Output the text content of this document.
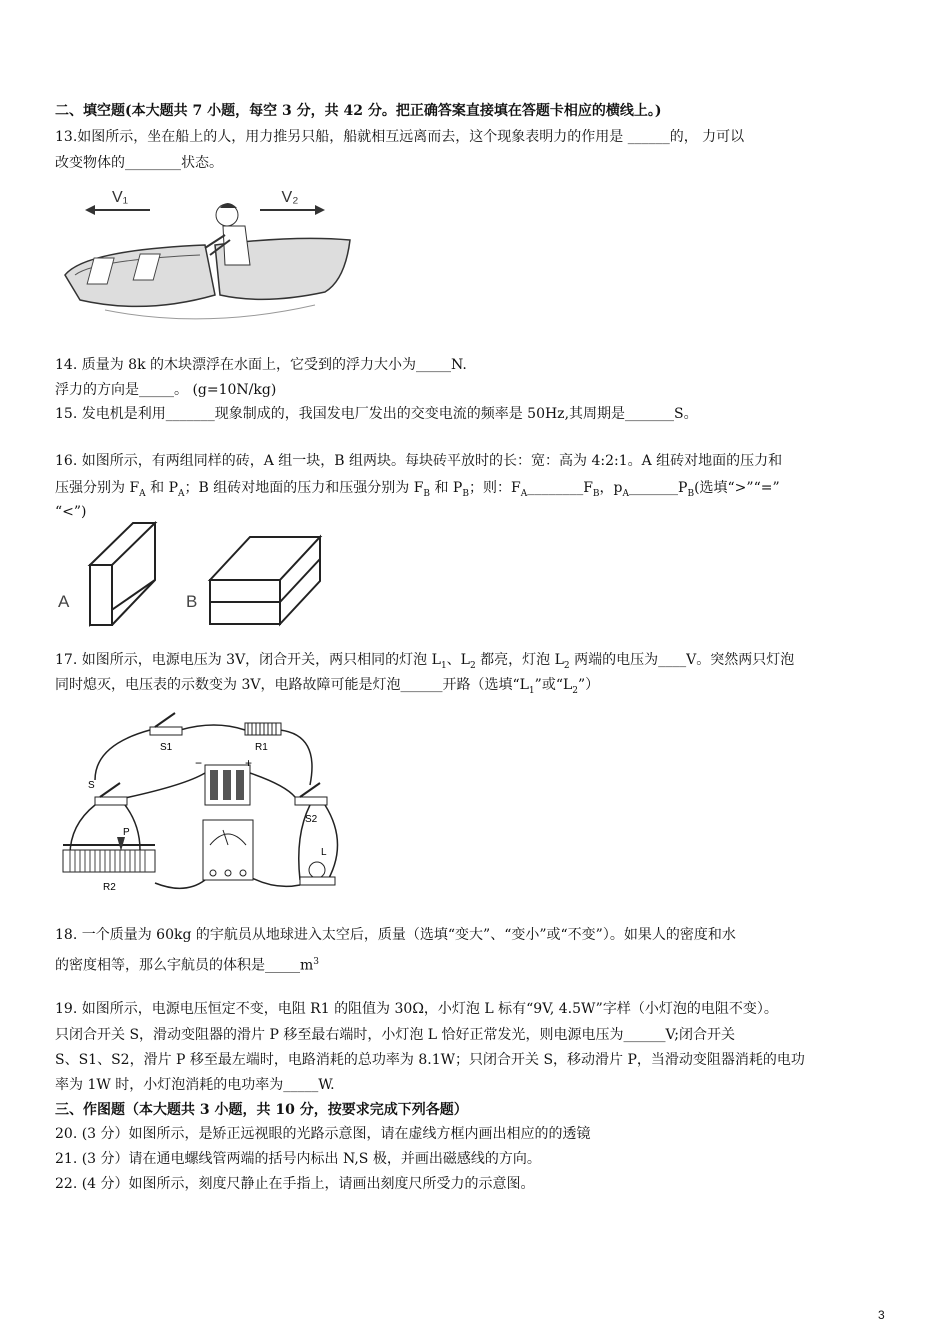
二、填空题(本大题共 7 小题，每空 3 分，共 42 分。把正确答案直接填在答题卡相应的横线上。)
13.如图所示，坐在船上的人，用力推另只船，船就相互远离而去，这个现象表明力的作用是 ______的， 力可以
改变物体的________状态。
V₁	V₂
14. 质量为 8k 的木块漂浮在水面上，它受到的浮力大小为_____N.
浮力的方向是_____。 (g=10N/kg)
15. 发电机是利用_______现象制成的，我国发电厂发出的交变电流的频率是 50Hz,其周期是_______S。
16. 如图所示，有两组同样的砖，A 组一块，B 组两块。每块砖平放时的长：宽：高为 4:2:1。A 组砖对地面的压力和
压强分别为 $F_A$ 和 $P_A$；B 组砖对地面的压力和压强分别为 $F_B$ 和 $P_B$；则：$F_A\_\_\_\_\_\_\_\_F_B$，$p_A\_\_\_\_\_\_\_P_B$(选填“>”“=”
“<”)
A	B
17. 如图所示，电源电压为 3V，闭合开关，两只相同的灯泡 $L_1$、$L_2$ 都亮，灯泡 $L_2$ 两端的电压为____V。突然两只灯泡
同时熄灭，电压表的示数变为 3V，电路故障可能是灯泡______开路（选填“$L_1$”或“$L_2$”）
S1	R1
−	+
S
S2
P
R2
L
18. 一个质量为 60kg 的宇航员从地球进入太空后，质量（选填“变大”、“变小”或“不变”）。如果人的密度和水
的密度相等，那么宇航员的体积是$\_\_\_\_\_m^3$
19. 如图所示，电源电压恒定不变，电阻 R1 的阻值为 30Ω，小灯泡 L 标有“9V, 4.5W”字样（小灯泡的电阻不变）。
只闭合开关 S，滑动变阻器的滑片 P 移至最右端时，小灯泡 L 恰好正常发光，则电源电压为______V;闭合开关
S、S1、S2，滑片 P 移至最左端时，电路消耗的总功率为 8.1W；只闭合开关 S，移动滑片 P，当滑动变阻器消耗的电功
率为 1W 时，小灯泡消耗的电功率为_____W.
三、作图题（本大题共 3 小题，共 10 分，按要求完成下列各题）
20. (3 分）如图所示，是矫正远视眼的光路示意图，请在虚线方框内画出相应的的透镜
21. (3 分）请在通电螺线管两端的括号内标出 N,S 极，并画出磁感线的方向。
22. (4 分）如图所示，刻度尺静止在手指上，请画出刻度尺所受力的示意图。
3
